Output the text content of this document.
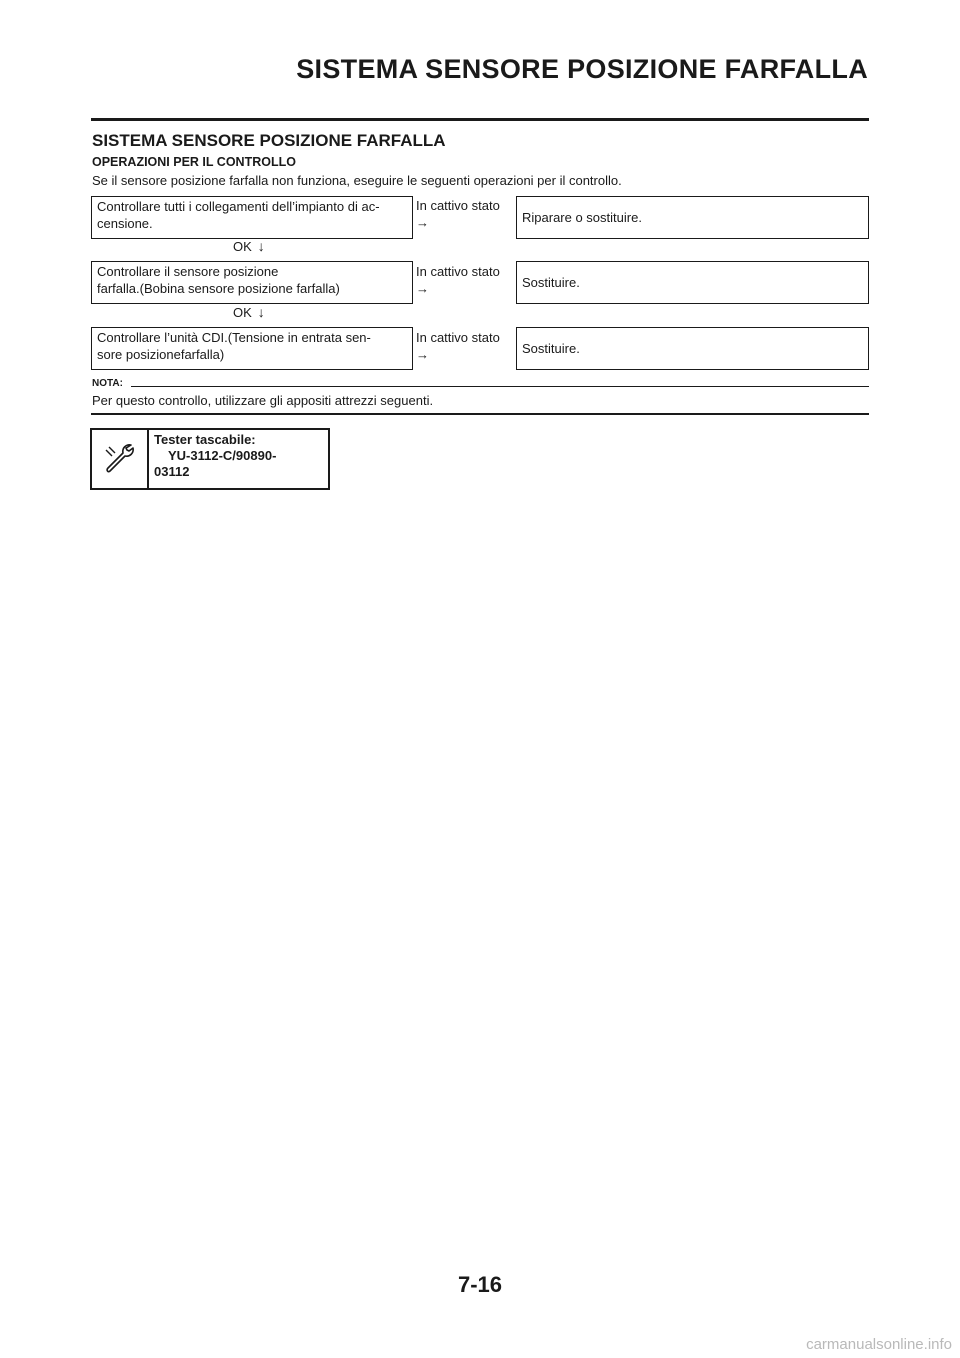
SISTEMA SENSORE POSIZIONE FARFALLA
SISTEMA SENSORE POSIZIONE FARFALLA
OPERAZIONI PER IL CONTROLLO
Se il sensore posizione farfalla non funziona, eseguire le seguenti operazioni per il controllo.
Controllare tutti i collegamenti dell’impianto di ac-
censione.
In cattivo stato
→	Riparare o sostituire.
OK ↓
Controllare il sensore posizione
farfalla.(Bobina sensore posizione farfalla)
In cattivo stato
→	Sostituire.
OK ↓
Controllare l’unità CDI.(Tensione in entrata sen-
sore posizionefarfalla)
In cattivo stato
→	Sostituire.
NOTA:
Per questo controllo, utilizzare gli appositi attrezzi seguenti.
Tester tascabile:
YU-3112-C/90890-
03112
7-16
carmanualsonline.info
